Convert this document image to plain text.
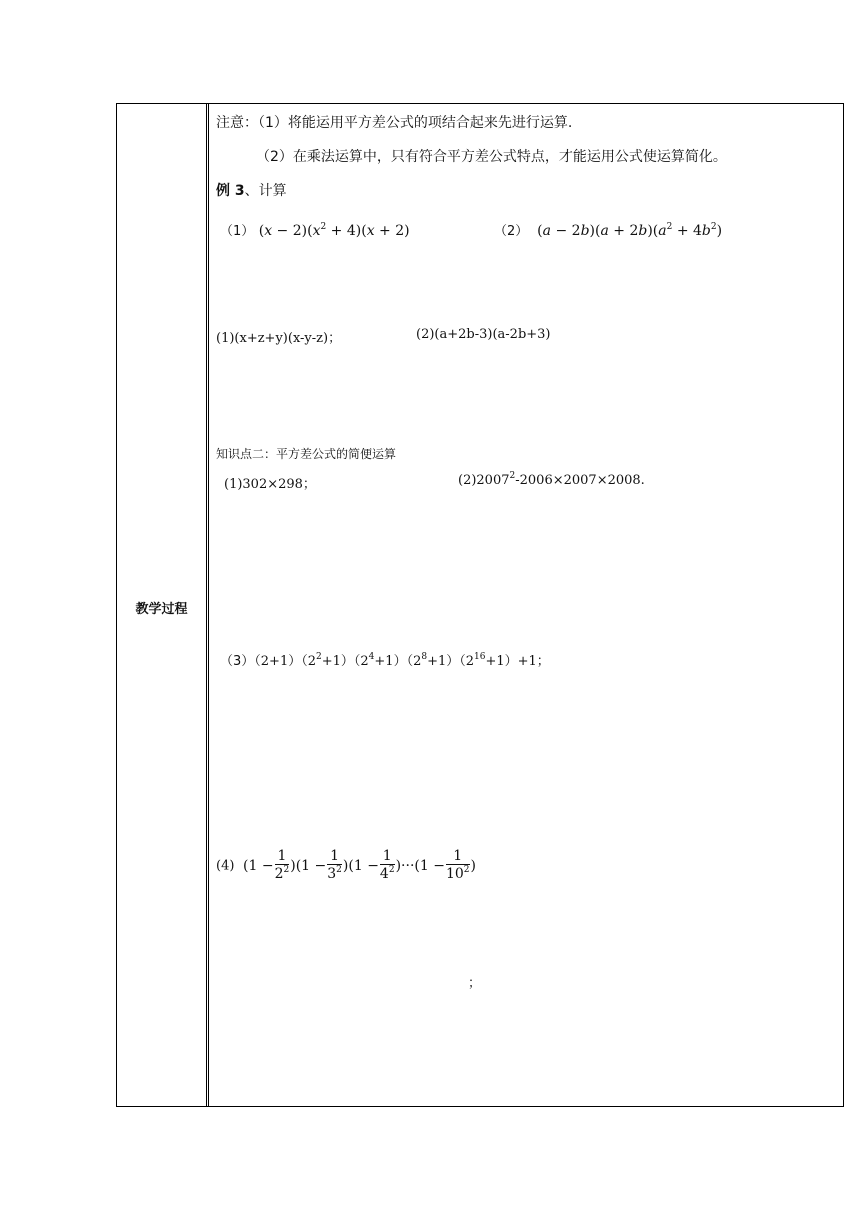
教学过程
注意：（1）将能运用平方差公式的项结合起来先进行运算.
（2）在乘法运算中，只有符合平方差公式特点，才能运用公式使运算简化。
例 3、计算
（1） $(x - 2)(x^2 + 4)(x + 2)$	（2）  $(a - 2b)(a + 2b)(a^2 + 4b^2)$
(1)(x+z+y)(x-y-z)；	(2)(a+2b-3)(a-2b+3)
知识点二：平方差公式的简便运算
(1)302×298；	$(2)2007^2-2006\times 2007\times 2008$.
$(3)(2+1)(2^2+1)(2^4+1)(2^8+1)(2^{16}+1)+1$；
(4) $(1 - \frac{1}{2^2} )(1 - \frac{1}{3^2} )(1 - \frac{1}{4^2} )\cdot\cdot\cdot(1 - \frac{1}{10^2}$ )
；
